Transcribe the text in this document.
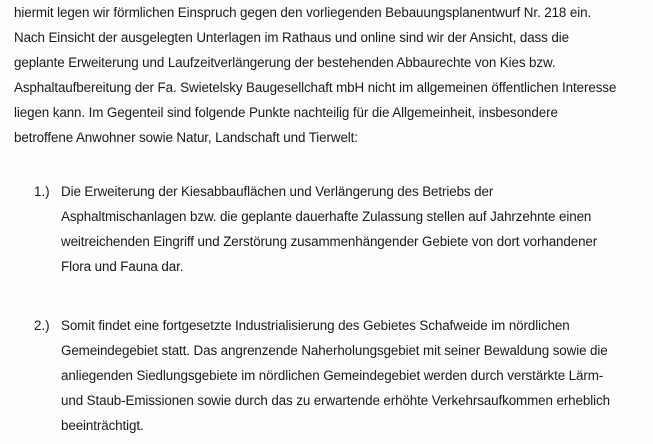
hiermit legen wir förmlichen Einspruch gegen den vorliegenden Bebauungsplanentwurf Nr. 218 ein.
Nach Einsicht der ausgelegten Unterlagen im Rathaus und online sind wir der Ansicht, dass die
geplante Erweiterung und Laufzeitverlängerung der bestehenden Abbaurechte von Kies bzw.
Asphaltaufbereitung der Fa. Swietelsky Baugesellchaft mbH nicht im allgemeinen öffentlichen Interesse
liegen kann. Im Gegenteil sind folgende Punkte nachteilig für die Allgemeinheit, insbesondere
betroffene Anwohner sowie Natur, Landschaft und Tierwelt:
1.) Die Erweiterung der Kiesabbauflächen und Verlängerung des Betriebs der
Asphaltmischanlagen bzw. die geplante dauerhafte Zulassung stellen auf Jahrzehnte einen
weitreichenden Eingriff und Zerstörung zusammenhängender Gebiete von dort vorhandener
Flora und Fauna dar.
2.) Somit findet eine fortgesetzte Industrialisierung des Gebietes Schafweide im nördlichen
Gemeindegebiet statt. Das angrenzende Naherholungsgebiet mit seiner Bewaldung sowie die
anliegenden Siedlungsgebiete im nördlichen Gemeindegebiet werden durch verstärkte Lärm-
und Staub-Emissionen sowie durch das zu erwartende erhöhte Verkehrsaufkommen erheblich
beeinträchtigt.
